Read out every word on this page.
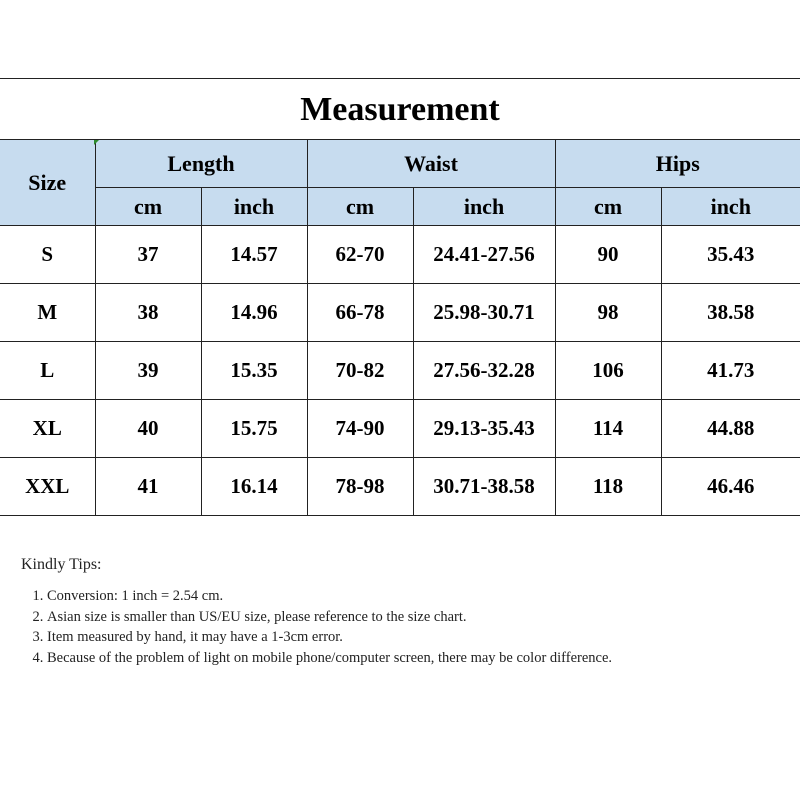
Measurement
Size	Length		Waist		Hips	
	cm	inch	cm	inch	cm	inch
S	37	14.57	62-70	24.41-27.56	90	35.43
M	38	14.96	66-78	25.98-30.71	98	38.58
L	39	15.35	70-82	27.56-32.28	106	41.73
XL	40	15.75	74-90	29.13-35.43	114	44.88
XXL	41	16.14	78-98	30.71-38.58	118	46.46
Kindly Tips:
1. Conversion: 1 inch = 2.54 cm.
2. Asian size is smaller than US/EU size, please reference to the size chart.
3. Item measured by hand, it may have a 1-3cm error.
4. Because of the problem of light on mobile phone/computer screen, there may be color difference.
